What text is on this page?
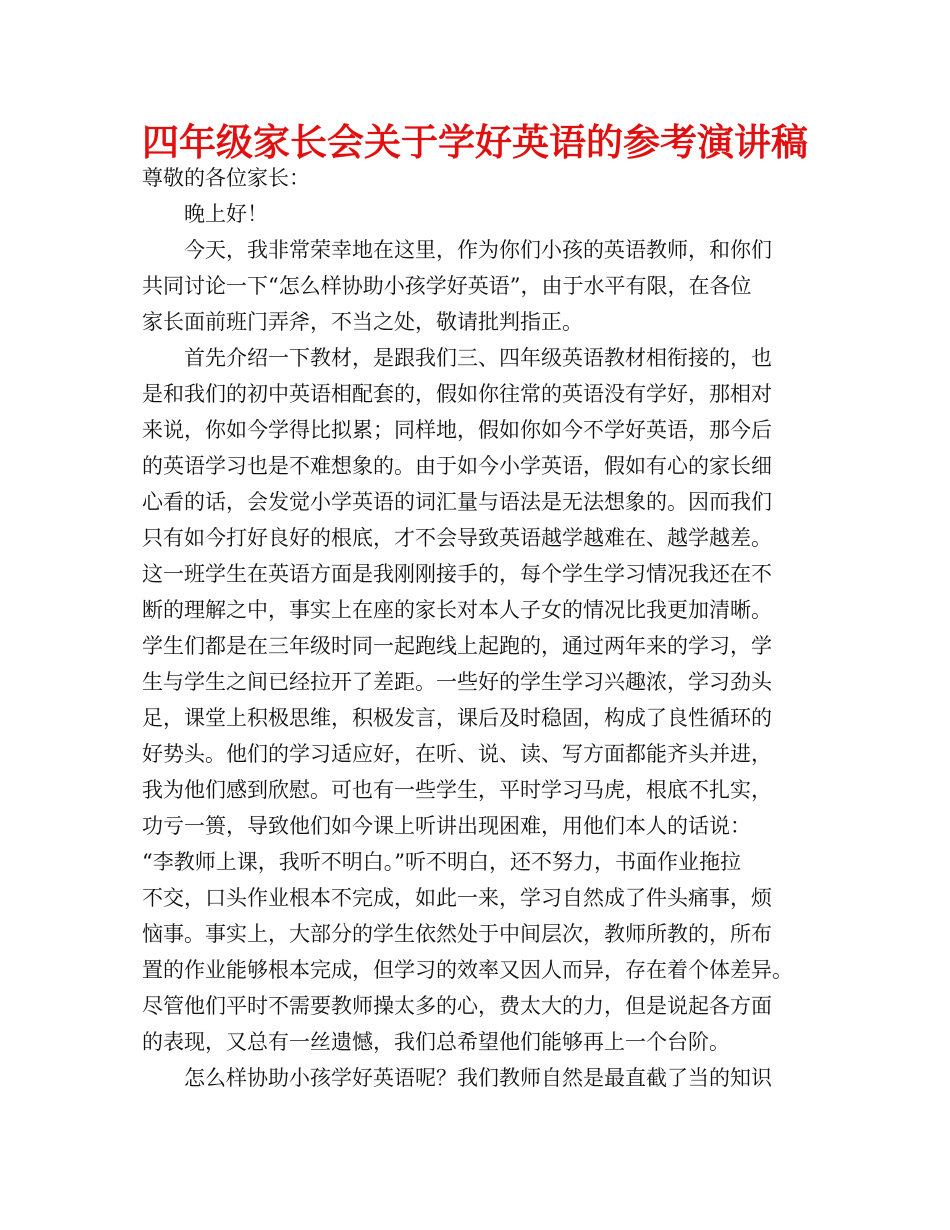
四年级家长会关于学好英语的参考演讲稿
尊敬的各位家长：
晚上好！
今天，我非常荣幸地在这里，作为你们小孩的英语教师，和你们
共同讨论一下“怎么样协助小孩学好英语”，由于水平有限，在各位
家长面前班门弄斧，不当之处，敬请批判指正。
首先介绍一下教材，是跟我们三、四年级英语教材相衔接的，也
是和我们的初中英语相配套的，假如你往常的英语没有学好，那相对
来说，你如今学得比拟累；同样地，假如你如今不学好英语，那今后
的英语学习也是不难想象的。由于如今小学英语，假如有心的家长细
心看的话，会发觉小学英语的词汇量与语法是无法想象的。因而我们
只有如今打好良好的根底，才不会导致英语越学越难在、越学越差。
这一班学生在英语方面是我刚刚接手的，每个学生学习情况我还在不
断的理解之中，事实上在座的家长对本人子女的情况比我更加清晰。
学生们都是在三年级时同一起跑线上起跑的，通过两年来的学习，学
生与学生之间已经拉开了差距。一些好的学生学习兴趣浓，学习劲头
足，课堂上积极思维，积极发言，课后及时稳固，构成了良性循环的
好势头。他们的学习适应好，在听、说、读、写方面都能齐头并进，
我为他们感到欣慰。可也有一些学生，平时学习马虎，根底不扎实，
功亏一篑，导致他们如今课上听讲出现困难，用他们本人的话说：
“李教师上课，我听不明白。”听不明白，还不努力，书面作业拖拉
不交，口头作业根本不完成，如此一来，学习自然成了件头痛事，烦
恼事。事实上，大部分的学生依然处于中间层次，教师所教的，所布
置的作业能够根本完成，但学习的效率又因人而异，存在着个体差异。
尽管他们平时不需要教师操太多的心，费太大的力，但是说起各方面
的表现，又总有一丝遗憾，我们总希望他们能够再上一个台阶。
怎么样协助小孩学好英语呢？我们教师自然是最直截了当的知识
